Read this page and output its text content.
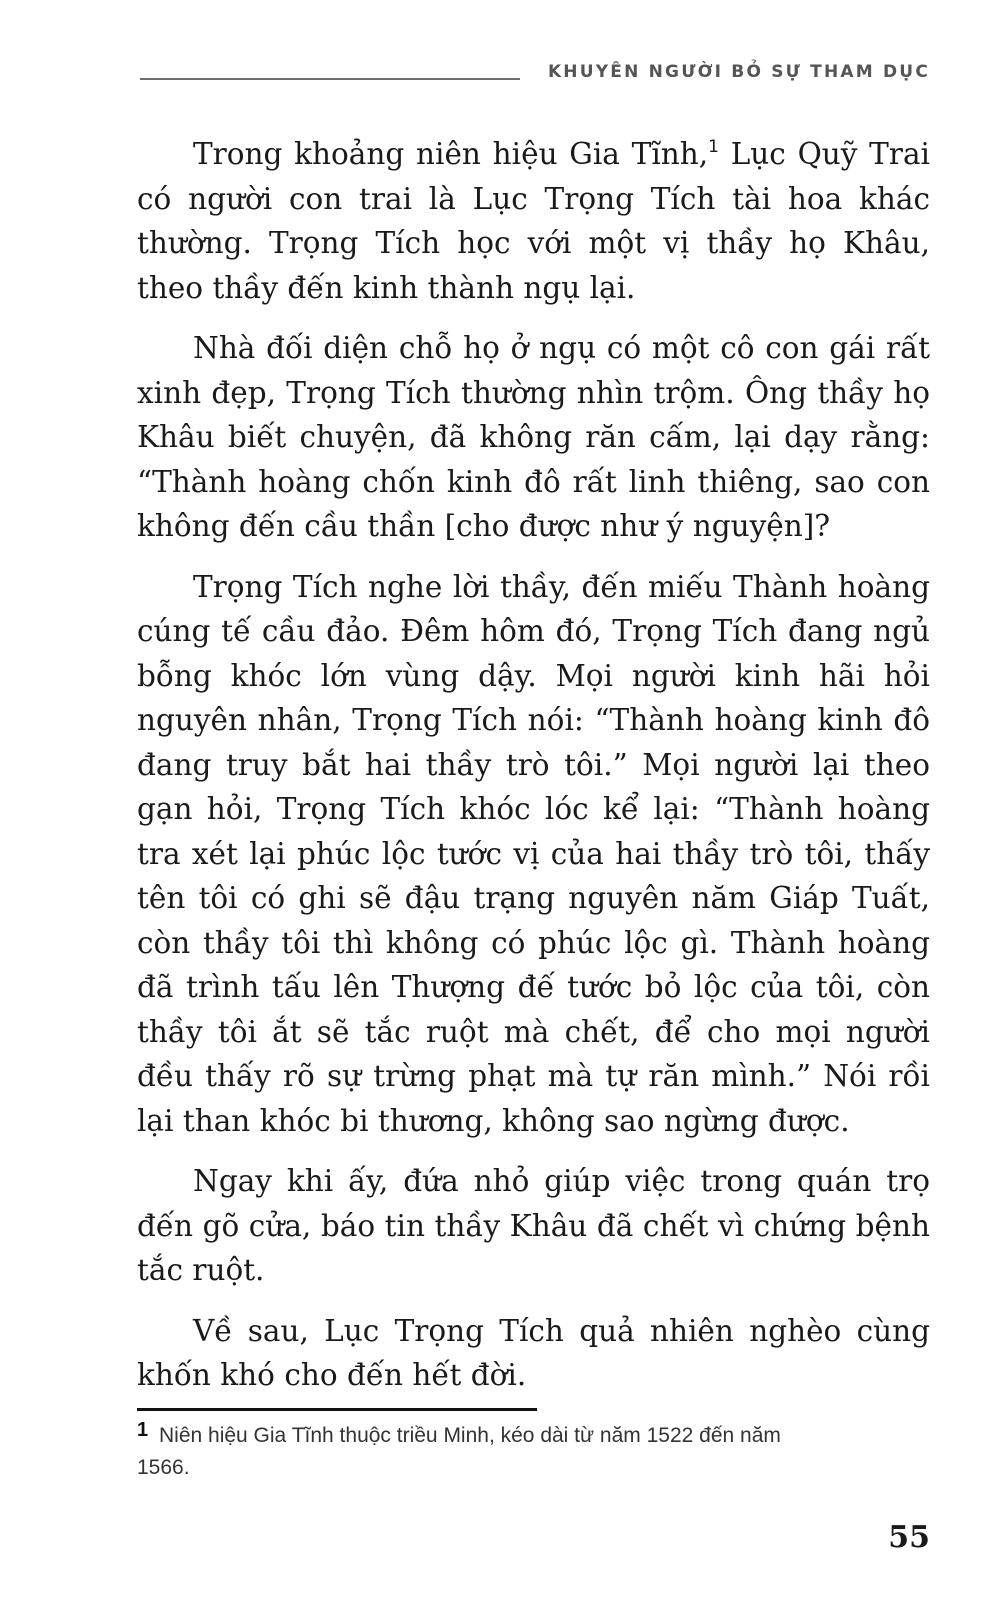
KHUYÊN NGƯỜI BỎ SỰ THAM DỤC

Trong khoảng niên hiệu Gia Tĩnh,$^1$ Lục Quỹ Trai có người con trai là Lục Trọng Tích tài hoa khác thường. Trọng Tích học với một vị thầy họ Khâu, theo thầy đến kinh thành ngụ lại.

Nhà đối diện chỗ họ ở ngụ có một cô con gái rất xinh đẹp, Trọng Tích thường nhìn trộm. Ông thầy họ Khâu biết chuyện, đã không răn cấm, lại dạy rằng: “Thành hoàng chốn kinh đô rất linh thiêng, sao con không đến cầu thần [cho được như ý nguyện]?

Trọng Tích nghe lời thầy, đến miếu Thành hoàng cúng tế cầu đảo. Đêm hôm đó, Trọng Tích đang ngủ bỗng khóc lớn vùng dậy. Mọi người kinh hãi hỏi nguyên nhân, Trọng Tích nói: “Thành hoàng kinh đô đang truy bắt hai thầy trò tôi.” Mọi người lại theo gạn hỏi, Trọng Tích khóc lóc kể lại: “Thành hoàng tra xét lại phúc lộc tước vị của hai thầy trò tôi, thấy tên tôi có ghi sẽ đậu trạng nguyên năm Giáp Tuất, còn thầy tôi thì không có phúc lộc gì. Thành hoàng đã trình tấu lên Thượng đế tước bỏ lộc của tôi, còn thầy tôi ắt sẽ tắc ruột mà chết, để cho mọi người đều thấy rõ sự trừng phạt mà tự răn mình.” Nói rồi lại than khóc bi thương, không sao ngừng được.

Ngay khi ấy, đứa nhỏ giúp việc trong quán trọ đến gõ cửa, báo tin thầy Khâu đã chết vì chứng bệnh tắc ruột.

Về sau, Lục Trọng Tích quả nhiên nghèo cùng khốn khó cho đến hết đời.

1 Niên hiệu Gia Tĩnh thuộc triều Minh, kéo dài từ năm 1522 đến năm
1566.
55
